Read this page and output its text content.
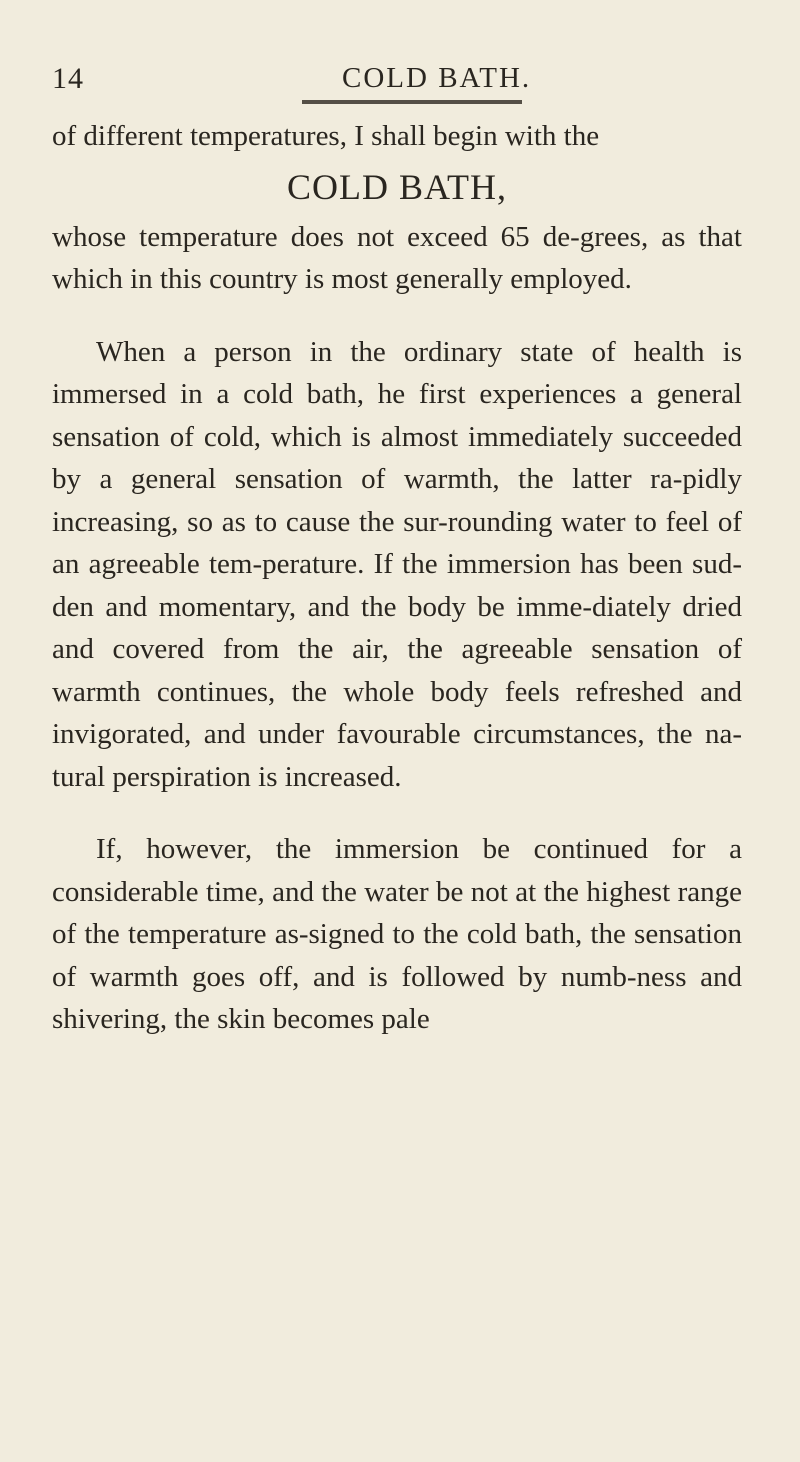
14	COLD BATH.

of different temperatures, I shall begin with the

COLD BATH,

whose temperature does not exceed 65 de-grees, as that which in this country is most generally employed.

When a person in the ordinary state of health is immersed in a cold bath, he first experiences a general sensation of cold, which is almost immediately succeeded by a general sensation of warmth, the latter ra-pidly increasing, so as to cause the sur-rounding water to feel of an agreeable tem-perature. If the immersion has been sud-den and momentary, and the body be imme-diately dried and covered from the air, the agreeable sensation of warmth continues, the whole body feels refreshed and invigorated, and under favourable circumstances, the na-tural perspiration is increased.

If, however, the immersion be continued for a considerable time, and the water be not at the highest range of the temperature as-signed to the cold bath, the sensation of warmth goes off, and is followed by numb-ness and shivering, the skin becomes pale
